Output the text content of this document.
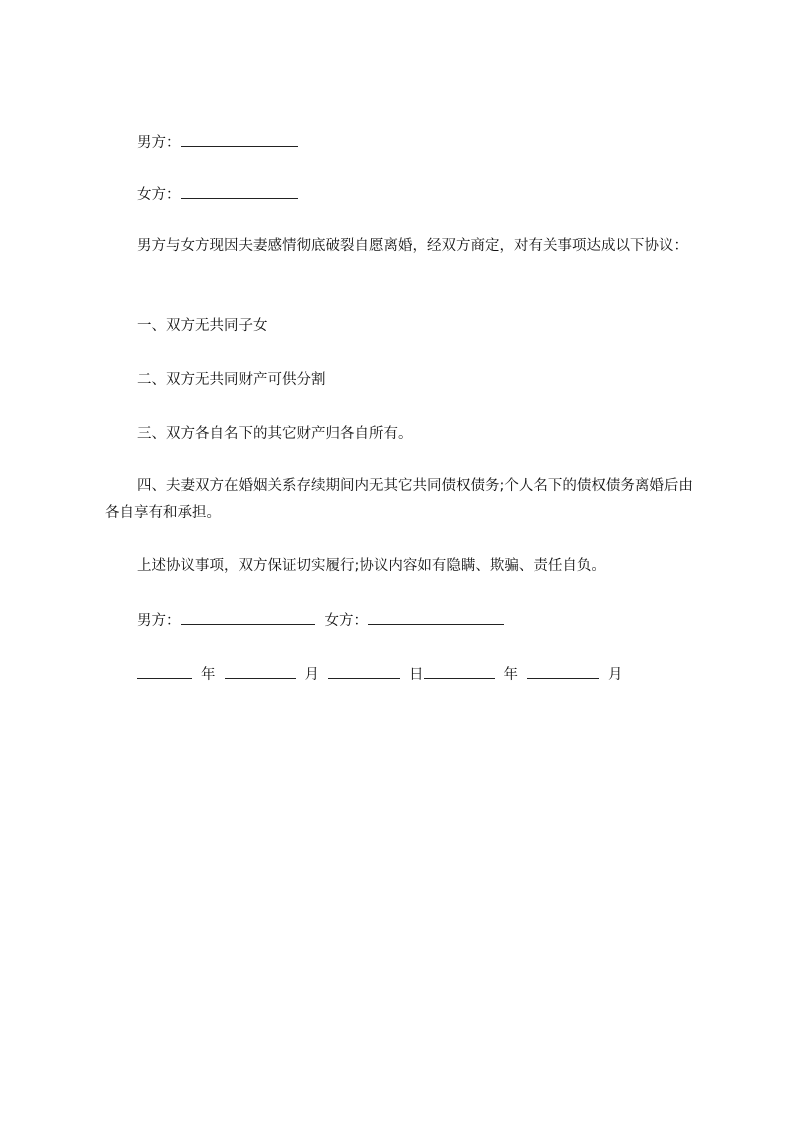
男方：
女方：
男方与女方现因夫妻感情彻底破裂自愿离婚，经双方商定，对有关事项达成以下协议：
一、双方无共同子女
二、双方无共同财产可供分割
三、双方各自名下的其它财产归各自所有。
四、夫妻双方在婚姻关系存续期间内无其它共同债权债务;个人名下的债权债务离婚后由各自享有和承担。
上述协议事项，双方保证切实履行;协议内容如有隐瞒、欺骗、责任自负。
男方：	女方：
年	月	日	年	月
